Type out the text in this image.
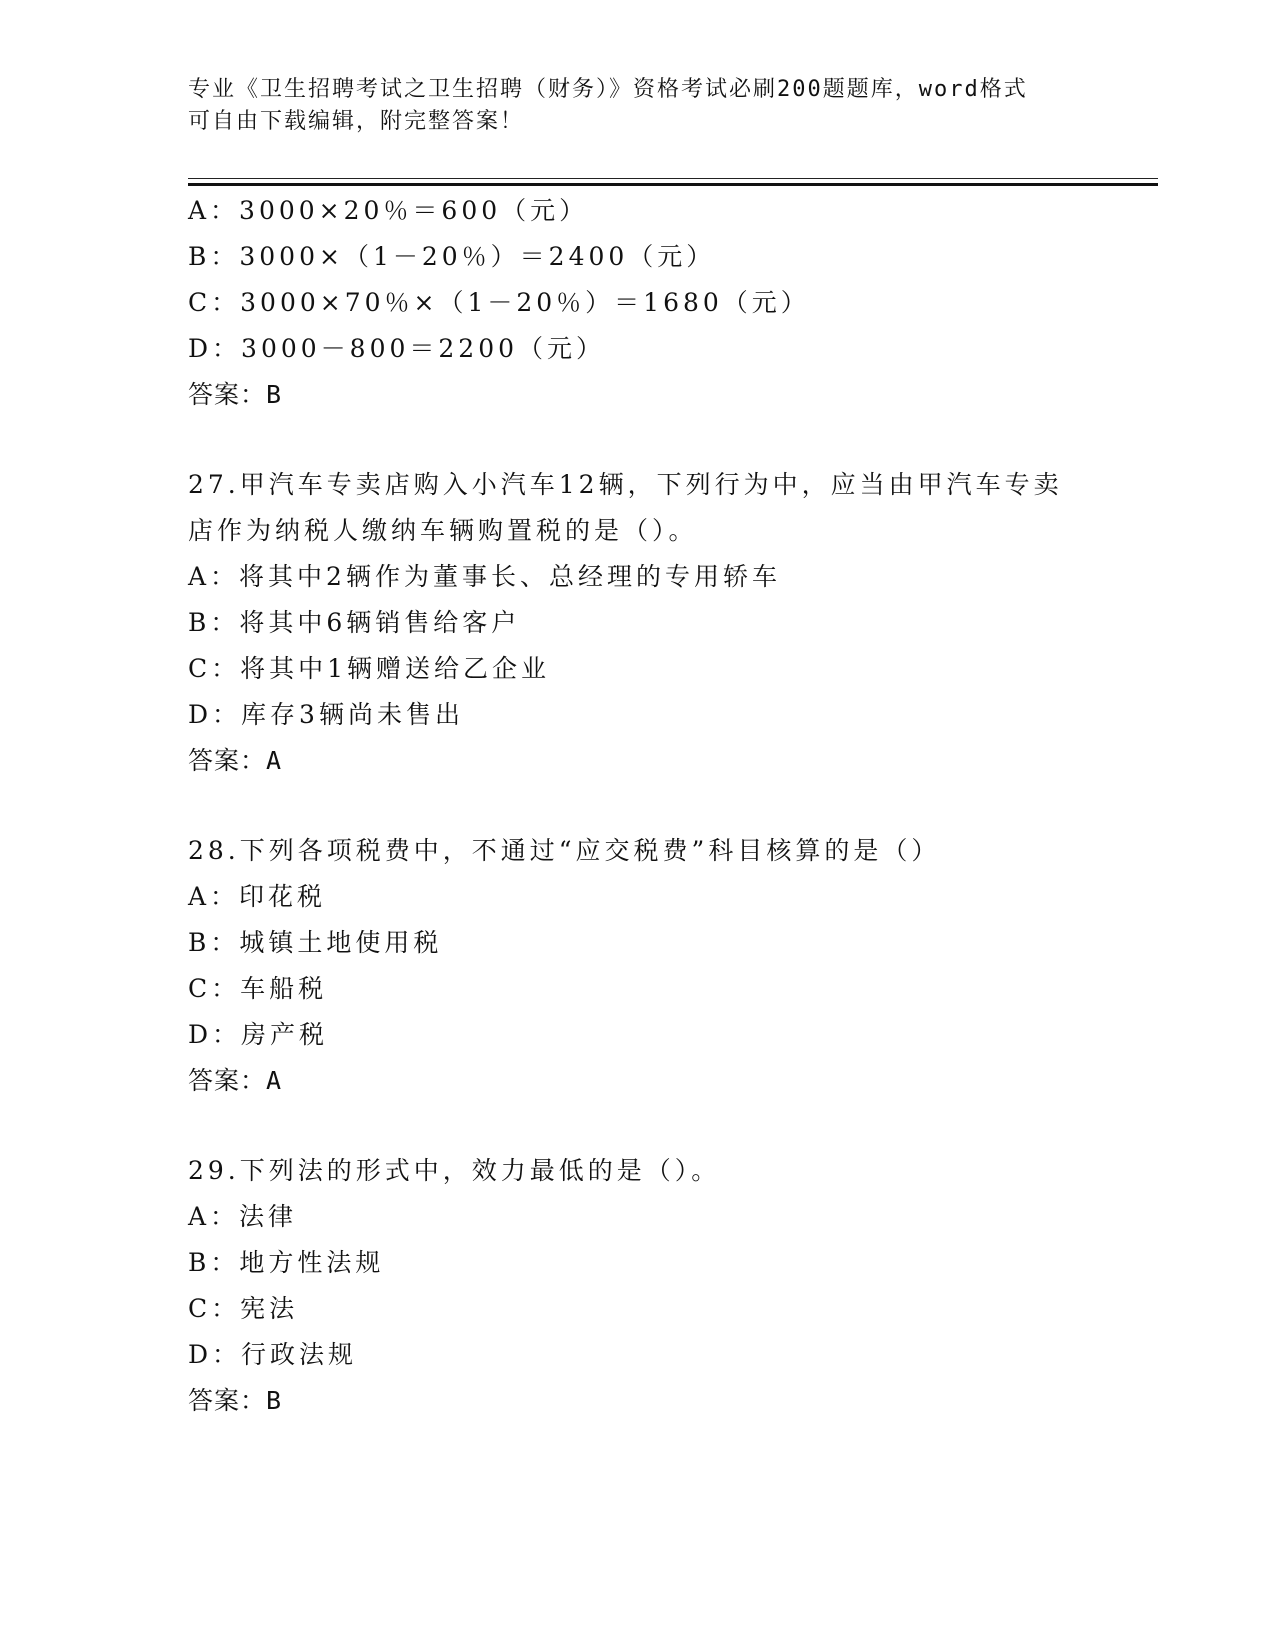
专业《卫生招聘考试之卫生招聘（财务）》资格考试必刷200题题库，word格式
可自由下载编辑，附完整答案！
A：3000×20％＝600（元）
B：3000×（1－20％）＝2400（元）
C：3000×70％×（1－20％）＝1680（元）
D：3000－800＝2200（元）
答案：B
27.甲汽车专卖店购入小汽车12辆，下列行为中，应当由甲汽车专卖
店作为纳税人缴纳车辆购置税的是（）。
A：将其中2辆作为董事长、总经理的专用轿车
B：将其中6辆销售给客户
C：将其中1辆赠送给乙企业
D：库存3辆尚未售出
答案：A
28.下列各项税费中，不通过“应交税费”科目核算的是（）
A：印花税
B：城镇土地使用税
C：车船税
D：房产税
答案：A
29.下列法的形式中，效力最低的是（）。
A：法律
B：地方性法规
C：宪法
D：行政法规
答案：B
